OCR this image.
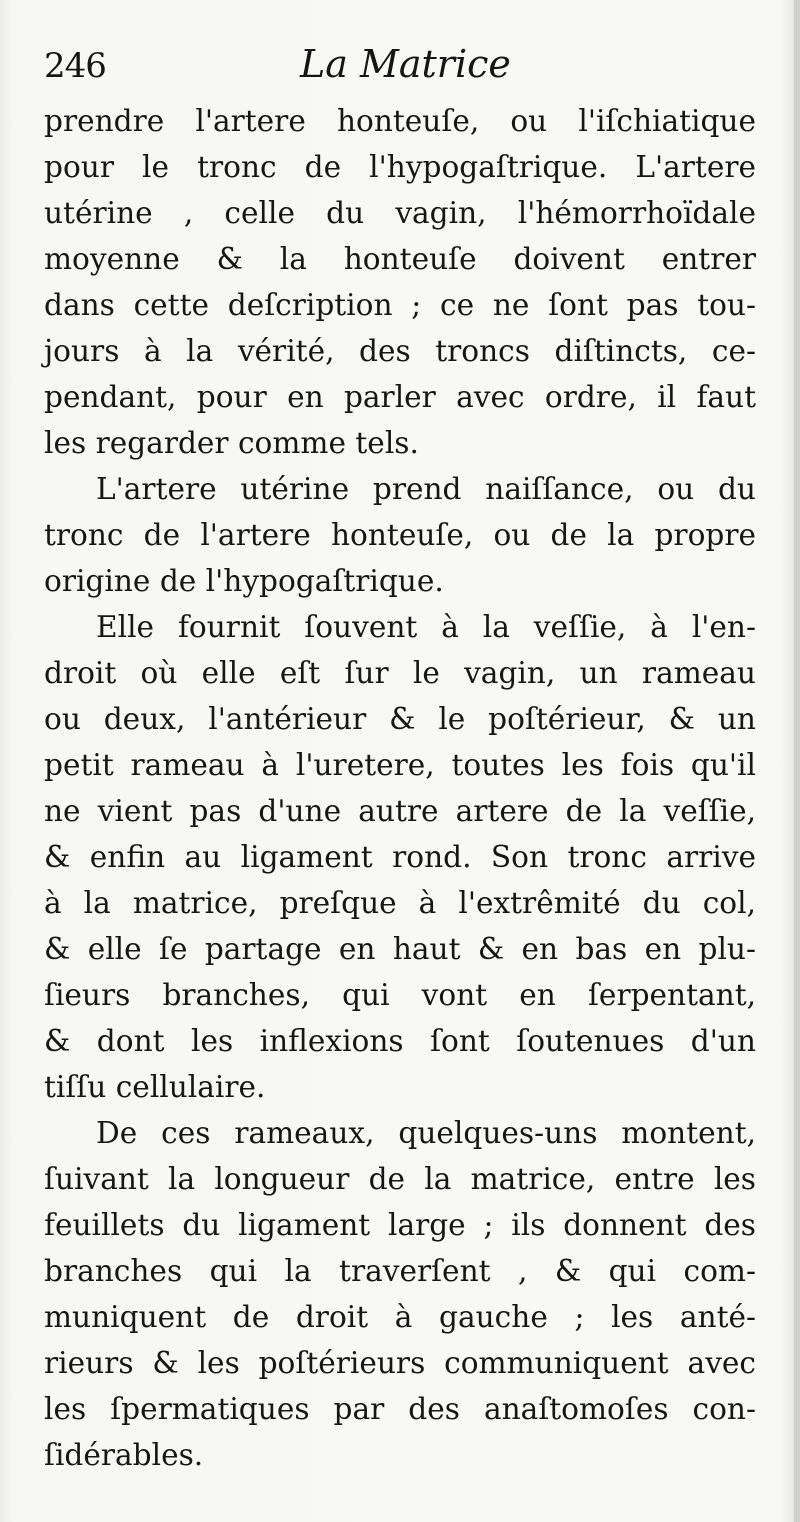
246	La Matrice
prendre l'artere honteuſe, ou l'iſchiatique
pour le tronc de l'hypogaſtrique. L'artere
utérine , celle du vagin, l'hémorrhoïdale
moyenne & la honteuſe doivent entrer
dans cette deſcription ; ce ne ſont pas tou-
jours à la vérité, des troncs diſtincts, ce-
pendant, pour en parler avec ordre, il faut
les regarder comme tels.
L'artere utérine prend naiſſance, ou du
tronc de l'artere honteuſe, ou de la propre
origine de l'hypogaſtrique.
Elle fournit ſouvent à la veſſie, à l'en-
droit où elle eſt ſur le vagin, un rameau
ou deux, l'antérieur & le poſtérieur, & un
petit rameau à l'uretere, toutes les fois qu'il
ne vient pas d'une autre artere de la veſſie,
& enfin au ligament rond. Son tronc arrive
à la matrice, preſque à l'extrêmité du col,
& elle ſe partage en haut & en bas en plu-
ſieurs branches, qui vont en ſerpentant,
& dont les inflexions ſont ſoutenues d'un
tiſſu cellulaire.
De ces rameaux, quelques-uns montent,
ſuivant la longueur de la matrice, entre les
feuillets du ligament large ; ils donnent des
branches qui la traverſent , & qui com-
muniquent de droit à gauche ; les anté-
rieurs & les poſtérieurs communiquent avec
les ſpermatiques par des anaſtomoſes con-
ſidérables.
